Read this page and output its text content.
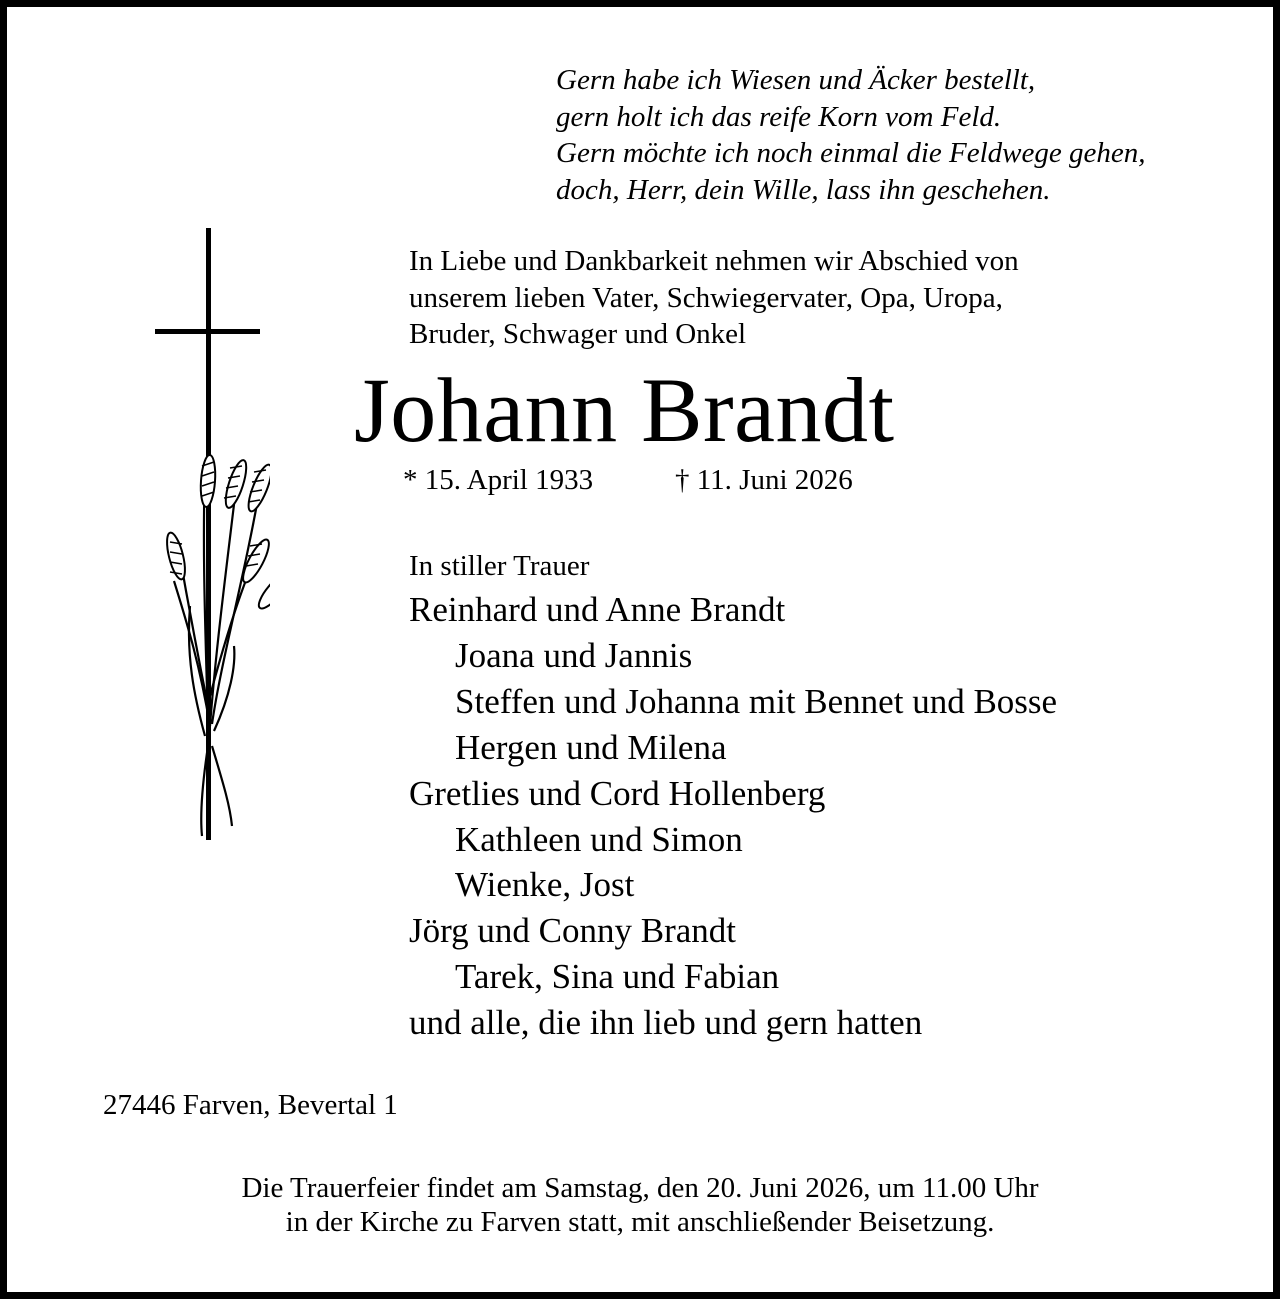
Gern habe ich Wiesen und Äcker bestellt,
gern holt ich das reife Korn vom Feld.
Gern möchte ich noch einmal die Feldwege gehen,
doch, Herr, dein Wille, lass ihn geschehen.
In Liebe und Dankbarkeit nehmen wir Abschied von
unserem lieben Vater, Schwiegervater, Opa, Uropa,
Bruder, Schwager und Onkel
Johann Brandt
* 15. April 1933	† 11. Juni 2026
In stiller Trauer
Reinhard und Anne Brandt
Joana und Jannis
Steffen und Johanna mit Bennet und Bosse
Hergen und Milena
Gretlies und Cord Hollenberg
Kathleen und Simon
Wienke, Jost
Jörg und Conny Brandt
Tarek, Sina und Fabian
und alle, die ihn lieb und gern hatten
27446 Farven, Bevertal 1
Die Trauerfeier findet am Samstag, den 20. Juni 2026, um 11.00 Uhr
in der Kirche zu Farven statt, mit anschließender Beisetzung.
